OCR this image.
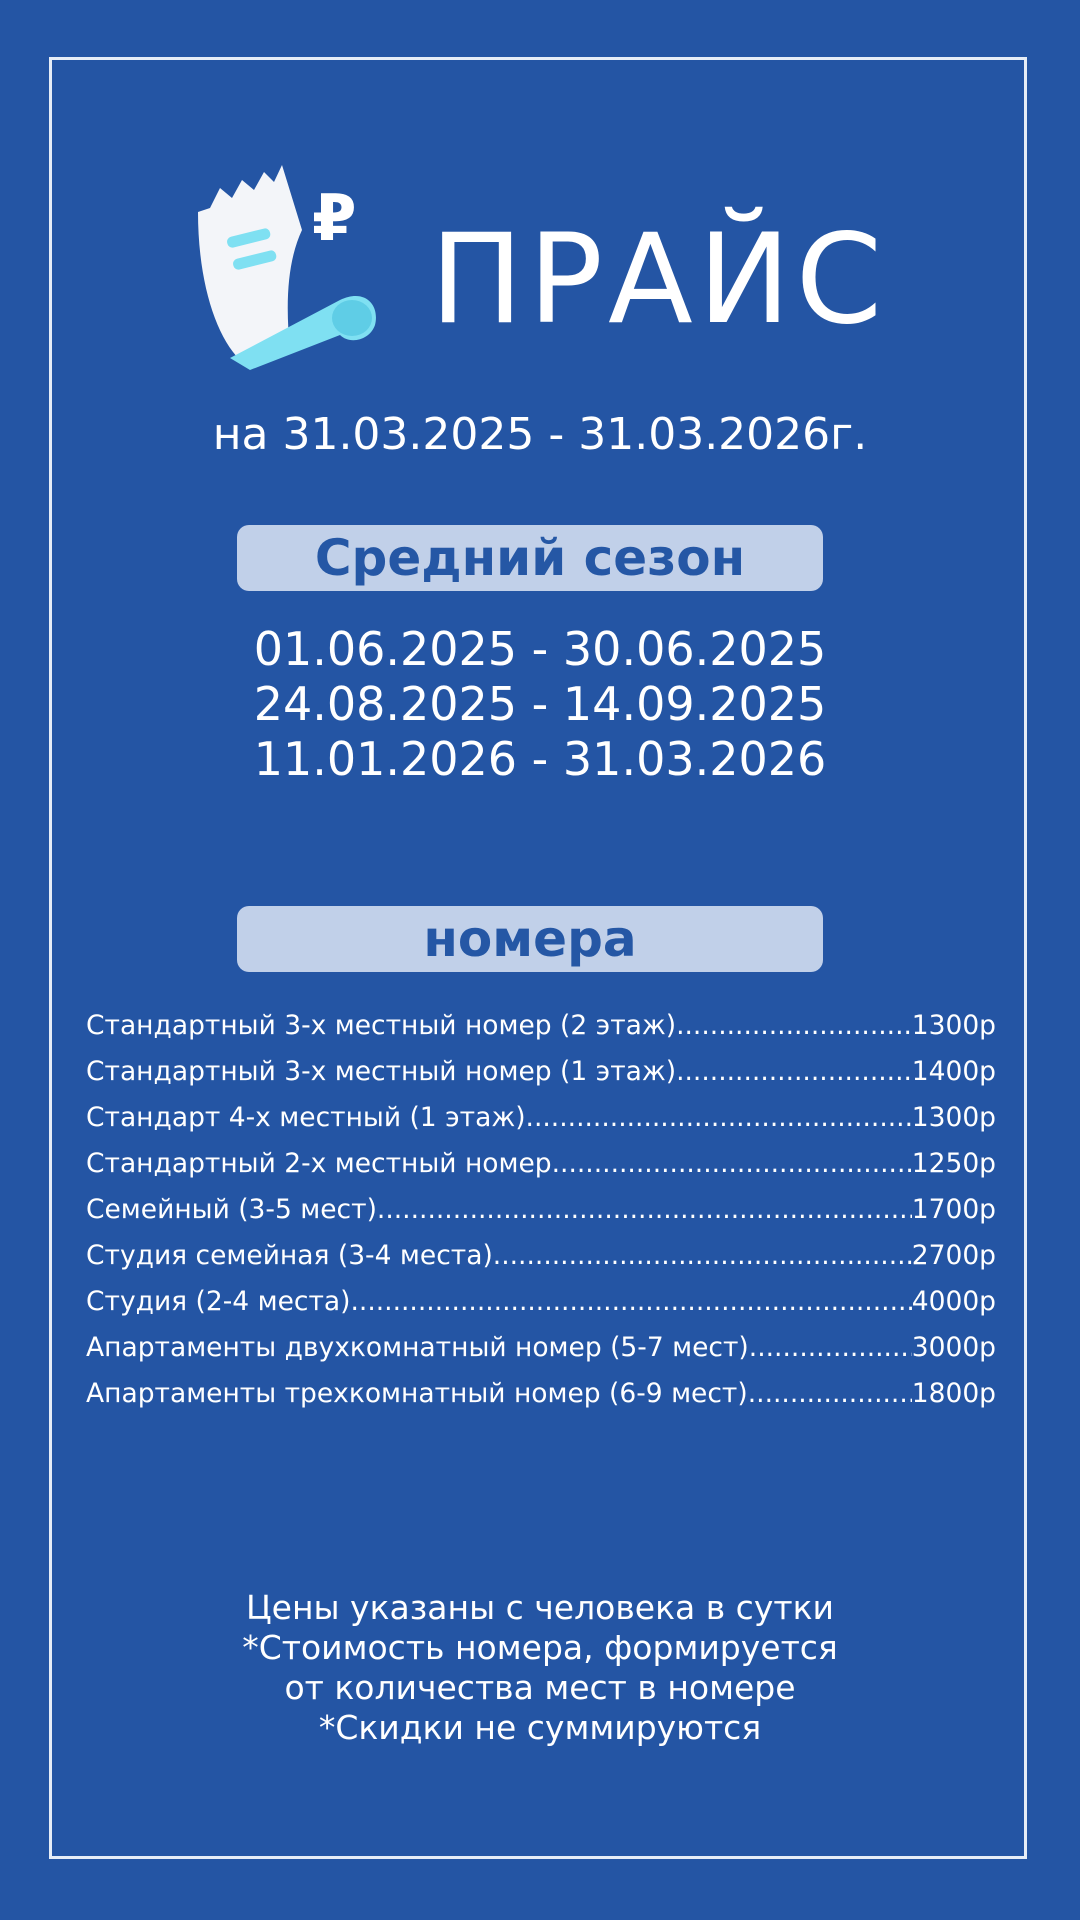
₽ ПРАЙС
на 31.03.2025 - 31.03.2026г.
Средний сезон
01.06.2025 - 30.06.2025
24.08.2025 - 14.09.2025
11.01.2026 - 31.03.2026
номера
Стандартный 3-х местный номер (2 этаж) .....	1300р
Стандартный 3-х местный номер (1 этаж) .....	1400р
Стандарт 4-х местный (1 этаж) .....	1300р
Стандартный 2-х местный номер .....	1250р
Семейный (3-5 мест) .....	1700р
Студия семейная (3-4 места) .....	2700р
Студия (2-4 места) .....	4000р
Апартаменты двухкомнатный номер (5-7 мест) .....	3000р
Апартаменты трехкомнатный номер (6-9 мест) .....	1800р
Цены указаны с человека в сутки
*Стоимость номера, формируется
от количества мест в номере
*Скидки не суммируются
